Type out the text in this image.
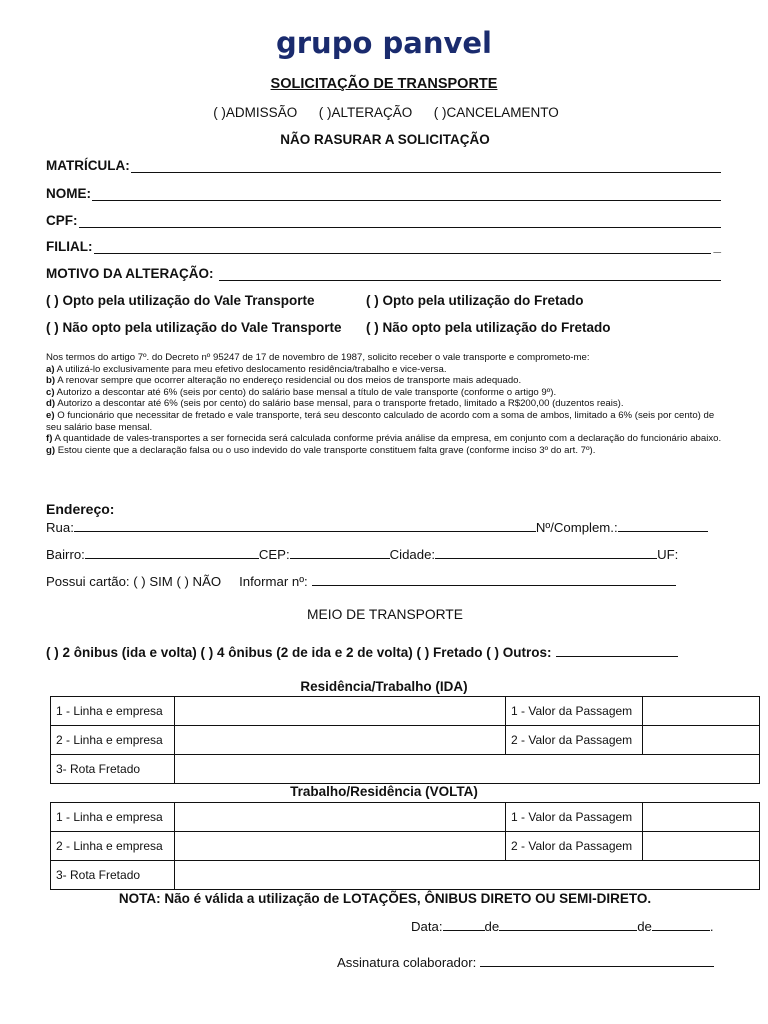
grupo panvel
SOLICITAÇÃO DE TRANSPORTE
( )ADMISSÃO ( )ALTERAÇÃO ( )CANCELAMENTO
NÃO RASURAR A SOLICITAÇÃO
MATRÍCULA:
NOME:
CPF:
FILIAL:	_
MOTIVO DA ALTERAÇÃO:
( ) Opto pela utilização do Vale Transporte	( ) Opto pela utilização do Fretado
( ) Não opto pela utilização do Vale Transporte ( ) Não opto pela utilização do Fretado

Nos termos do artigo 7º. do Decreto nº 95247 de 17 de novembro de 1987, solicito receber o vale transporte e comprometo-me:

a) A utilizá-lo exclusivamente para meu efetivo deslocamento residência/trabalho e vice-versa.

b) A renovar sempre que ocorrer alteração no endereço residencial ou dos meios de transporte mais adequado.

c) Autorizo a descontar até 6% (seis por cento) do salário base mensal a título de vale transporte (conforme o artigo 9º).

d) Autorizo a descontar até 6% (seis por cento) do salário base mensal, para o transporte fretado, limitado a R$200,00 (duzentos reais).

e) O funcionário que necessitar de fretado e vale transporte, terá seu desconto calculado de acordo com a soma de ambos, limitado a 6% (seis por cento) de seu salário base mensal.

f) A quantidade de vales-transportes a ser fornecida será calculada conforme prévia análise da empresa, em conjunto com a declaração do funcionário abaixo.

g) Estou ciente que a declaração falsa ou o uso indevido do vale transporte constituem falta grave (conforme inciso 3º do art. 7º).

Endereço:
Rua:	Nº/Complem.:
Bairro:	CEP:	Cidade:	UF:
Possui cartão: ( ) SIM ( ) NÃO Informar nº:
MEIO DE TRANSPORTE
( ) 2 ônibus (ida e volta) ( ) 4 ônibus (2 de ida e 2 de volta) ( ) Fretado ( ) Outros:
Residência/Trabalho (IDA)
1 - Linha e empresa		1 - Valor da Passagem	
2 - Linha e empresa		2 - Valor da Passagem	
3- Rota Fretado			
Trabalho/Residência (VOLTA)
1 - Linha e empresa		1 - Valor da Passagem	
2 - Linha e empresa		2 - Valor da Passagem	
3- Rota Fretado			
NOTA: Não é válida a utilização de LOTAÇÕES, ÔNIBUS DIRETO OU SEMI-DIRETO.
Data:	de	de	.
Assinatura colaborador:
